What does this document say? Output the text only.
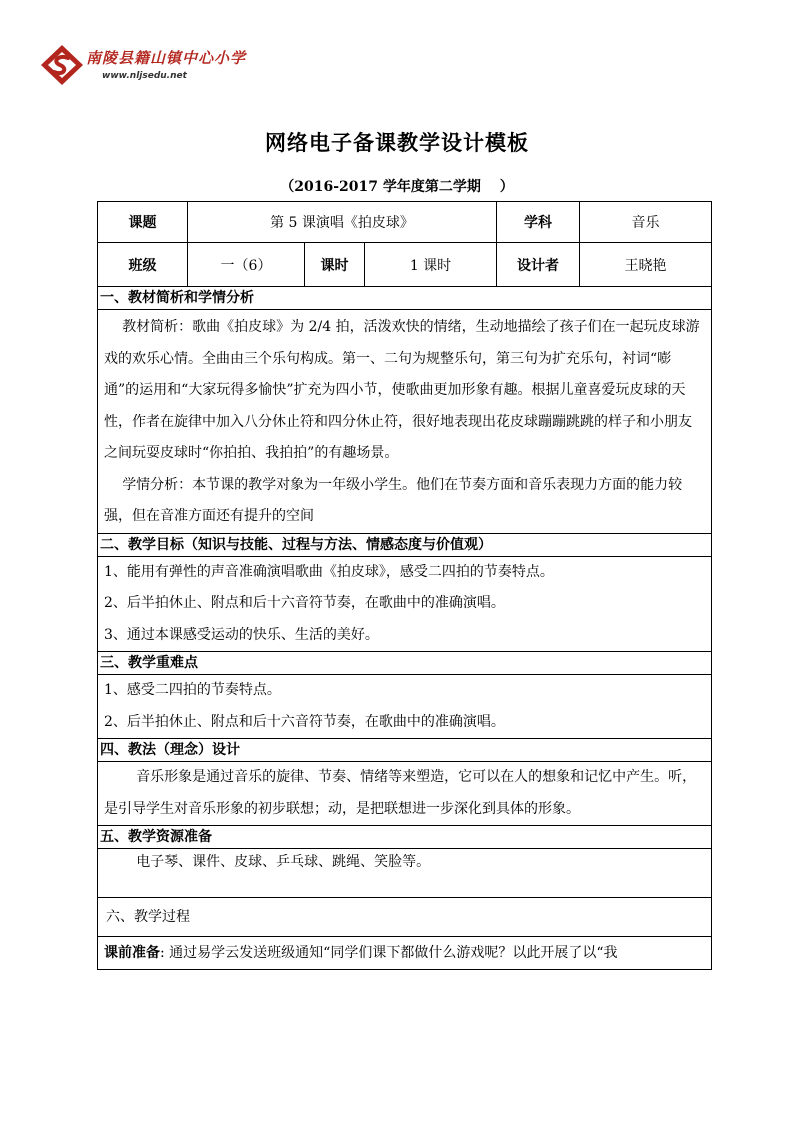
南陵县籍山镇中心小学
www.nljsedu.net
网络电子备课教学设计模板
（2016-2017 学年度第二学期　 ）
课题	第 5 课演唱《拍皮球》	学科	音乐
班级	一（6）	课时	1 课时	设计者	王晓艳
一、教材简析和学情分析

教材简析：歌曲《拍皮球》为 2/4 拍，活泼欢快的情绪，生动地描绘了孩子们在一起玩皮球游戏的欢乐心情。全曲由三个乐句构成。第一、二句为规整乐句，第三句为扩充乐句，衬词“嘭通”的运用和“大家玩得多愉快”扩充为四小节，使歌曲更加形象有趣。根据儿童喜爱玩皮球的天性，作者在旋律中加入八分休止符和四分休止符，很好地表现出花皮球蹦蹦跳跳的样子和小朋友之间玩耍皮球时“你拍拍、我拍拍”的有趣场景。

学情分析：本节课的教学对象为一年级小学生。他们在节奏方面和音乐表现力方面的能力较强，但在音准方面还有提升的空间

二、教学目标（知识与技能、过程与方法、情感态度与价值观）

1、能用有弹性的声音准确演唱歌曲《拍皮球》，感受二四拍的节奏特点。

2、后半拍休止、附点和后十六音符节奏，在歌曲中的准确演唱。

3、通过本课感受运动的快乐、生活的美好。

三、教学重难点

1、感受二四拍的节奏特点。

2、后半拍休止、附点和后十六音符节奏，在歌曲中的准确演唱。

四、教法（理念）设计

音乐形象是通过音乐的旋律、节奏、情绪等来塑造，它可以在人的想象和记忆中产生。听，是引导学生对音乐形象的初步联想；动，是把联想进一步深化到具体的形象。

五、教学资源准备

电子琴、课件、皮球、乒乓球、跳绳、笑脸等。

六、教学过程

课前准备: 通过易学云发送班级通知“同学们课下都做什么游戏呢？以此开展了以“我
